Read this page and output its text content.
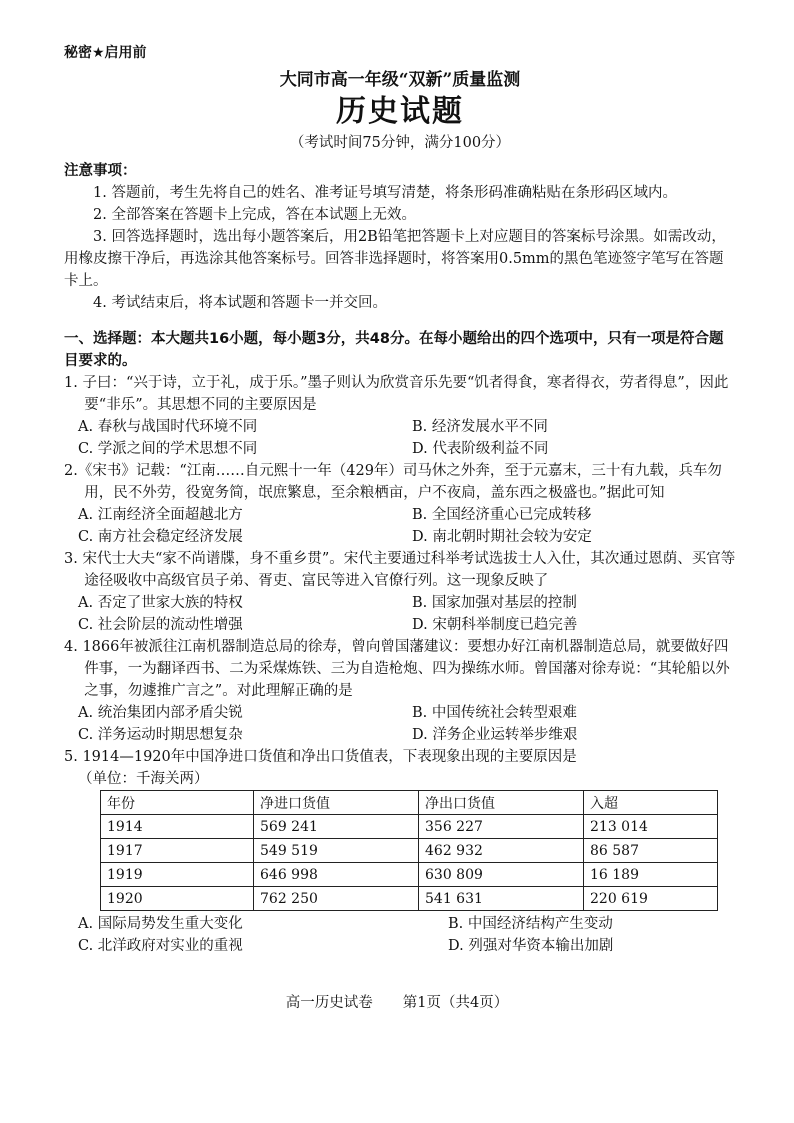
秘密★启用前
大同市高一年级“双新”质量监测
历史试题
（考试时间75分钟，满分100分）
注意事项：
1. 答题前，考生先将自己的姓名、准考证号填写清楚，将条形码准确粘贴在条形码区域内。
2. 全部答案在答题卡上完成，答在本试题上无效。
3. 回答选择题时，选出每小题答案后，用2B铅笔把答题卡上对应题目的答案标号涂黑。如需改动，用橡皮擦干净后，再选涂其他答案标号。回答非选择题时，将答案用0.5mm的黑色笔迹签字笔写在答题卡上。
4. 考试结束后，将本试题和答题卡一并交回。
一、选择题：本大题共16小题，每小题3分，共48分。在每小题给出的四个选项中，只有一项是符合题目要求的。
1. 子曰：“兴于诗，立于礼，成于乐。”墨子则认为欣赏音乐先要“饥者得食，寒者得衣，劳者得息”，因此要“非乐”。其思想不同的主要原因是
A. 春秋与战国时代环境不同	B. 经济发展水平不同
C. 学派之间的学术思想不同	D. 代表阶级利益不同
2.《宋书》记载：“江南……自元熙十一年（429年）司马休之外奔，至于元嘉末，三十有九载，兵车勿用，民不外劳，役宽务简，氓庶繁息，至余粮栖亩，户不夜扃，盖东西之极盛也。”据此可知
A. 江南经济全面超越北方	B. 全国经济重心已完成转移
C. 南方社会稳定经济发展	D. 南北朝时期社会较为安定
3. 宋代士大夫“家不尚谱牒，身不重乡贯”。宋代主要通过科举考试选拔士人入仕，其次通过恩荫、买官等途径吸收中高级官员子弟、胥吏、富民等进入官僚行列。这一现象反映了
A. 否定了世家大族的特权	B. 国家加强对基层的控制
C. 社会阶层的流动性增强	D. 宋朝科举制度已趋完善
4. 1866年被派往江南机器制造总局的徐寿，曾向曾国藩建议：要想办好江南机器制造总局，就要做好四件事，一为翻译西书、二为采煤炼铁、三为自造枪炮、四为操练水师。曾国藩对徐寿说：“其轮船以外之事，勿遽推广言之”。对此理解正确的是
A. 统治集团内部矛盾尖锐	B. 中国传统社会转型艰难
C. 洋务运动时期思想复杂	D. 洋务企业运转举步维艰
5. 1914—1920年中国净进口货值和净出口货值表，下表现象出现的主要原因是
（单位：千海关两）
年份	净进口货值	净出口货值	入超
1914	569 241	356 227	213 014
1917	549 519	462 932	86 587
1919	646 998	630 809	16 189
1920	762 250	541 631	220 619
A. 国际局势发生重大变化	B. 中国经济结构产生变动
C. 北洋政府对实业的重视	D. 列强对华资本输出加剧
高一历史试卷 第1页（共4页）
